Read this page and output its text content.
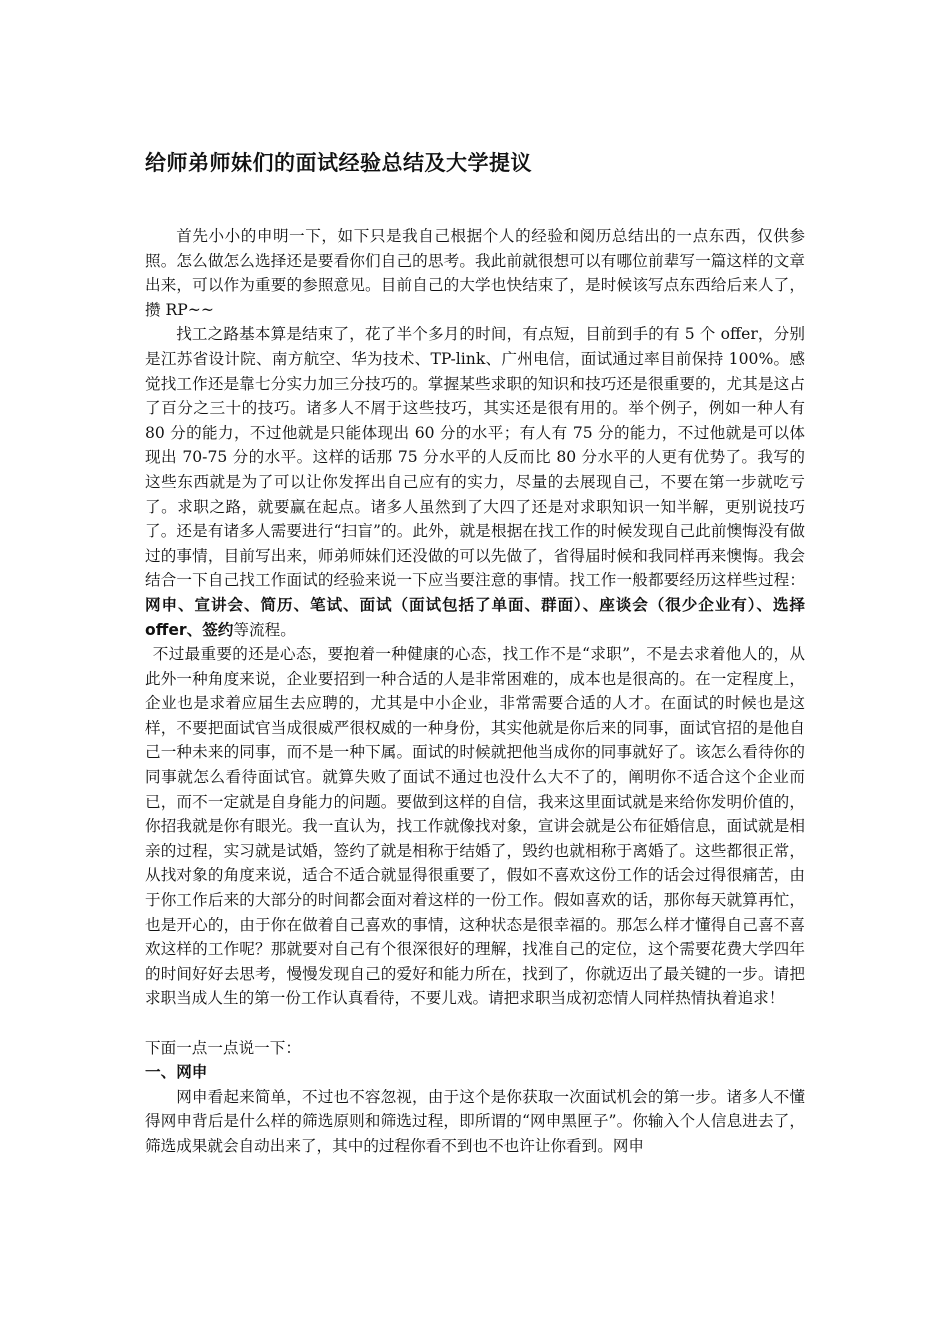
给师弟师妹们的面试经验总结及大学提议

首先小小的申明一下，如下只是我自己根据个人的经验和阅历总结出的一点东西，仅供参照。怎么做怎么选择还是要看你们自己的思考。我此前就很想可以有哪位前辈写一篇这样的文章出来，可以作为重要的参照意见。目前自己的大学也快结束了，是时候该写点东西给后来人了，攒 RP~~

找工之路基本算是结束了，花了半个多月的时间，有点短，目前到手的有 5 个 offer，分别是江苏省设计院、南方航空、华为技术、TP-link、广州电信，面试通过率目前保持 100%。感觉找工作还是靠七分实力加三分技巧的。掌握某些求职的知识和技巧还是很重要的，尤其是这占了百分之三十的技巧。诸多人不屑于这些技巧，其实还是很有用的。举个例子，例如一种人有 80 分的能力，不过他就是只能体现出 60 分的水平；有人有 75 分的能力，不过他就是可以体现出 70-75 分的水平。这样的话那 75 分水平的人反而比 80 分水平的人更有优势了。我写的这些东西就是为了可以让你发挥出自己应有的实力，尽量的去展现自己，不要在第一步就吃亏了。求职之路，就要赢在起点。诸多人虽然到了大四了还是对求职知识一知半解，更别说技巧了。还是有诸多人需要进行“扫盲”的。此外，就是根据在找工作的时候发现自己此前懊悔没有做过的事情，目前写出来，师弟师妹们还没做的可以先做了，省得届时候和我同样再来懊悔。我会结合一下自己找工作面试的经验来说一下应当要注意的事情。找工作一般都要经历这样些过程：网申、宣讲会、简历、笔试、面试（面试包括了单面、群面）、座谈会（很少企业有）、选择 offer、签约等流程。

不过最重要的还是心态，要抱着一种健康的心态，找工作不是“求职”，不是去求着他人的，从此外一种角度来说，企业要招到一种合适的人是非常困难的，成本也是很高的。在一定程度上，企业也是求着应届生去应聘的，尤其是中小企业，非常需要合适的人才。在面试的时候也是这样，不要把面试官当成很威严很权威的一种身份，其实他就是你后来的同事，面试官招的是他自己一种未来的同事，而不是一种下属。面试的时候就把他当成你的同事就好了。该怎么看待你的同事就怎么看待面试官。就算失败了面试不通过也没什么大不了的，阐明你不适合这个企业而已，而不一定就是自身能力的问题。要做到这样的自信，我来这里面试就是来给你发明价值的，你招我就是你有眼光。我一直认为，找工作就像找对象，宣讲会就是公布征婚信息，面试就是相亲的过程，实习就是试婚，签约了就是相称于结婚了，毁约也就相称于离婚了。这些都很正常，从找对象的角度来说，适合不适合就显得很重要了，假如不喜欢这份工作的话会过得很痛苦，由于你工作后来的大部分的时间都会面对着这样的一份工作。假如喜欢的话，那你每天就算再忙，也是开心的，由于你在做着自己喜欢的事情，这种状态是很幸福的。那怎么样才懂得自己喜不喜欢这样的工作呢？那就要对自己有个很深很好的理解，找准自己的定位，这个需要花费大学四年的时间好好去思考，慢慢发现自己的爱好和能力所在，找到了，你就迈出了最关键的一步。请把求职当成人生的第一份工作认真看待，不要儿戏。请把求职当成初恋情人同样热情执着追求！

下面一点一点说一下：

一、网申

网申看起来简单，不过也不容忽视，由于这个是你获取一次面试机会的第一步。诸多人不懂得网申背后是什么样的筛选原则和筛选过程，即所谓的“网申黑匣子”。你输入个人信息进去了，筛选成果就会自动出来了，其中的过程你看不到也不也许让你看到。网申
